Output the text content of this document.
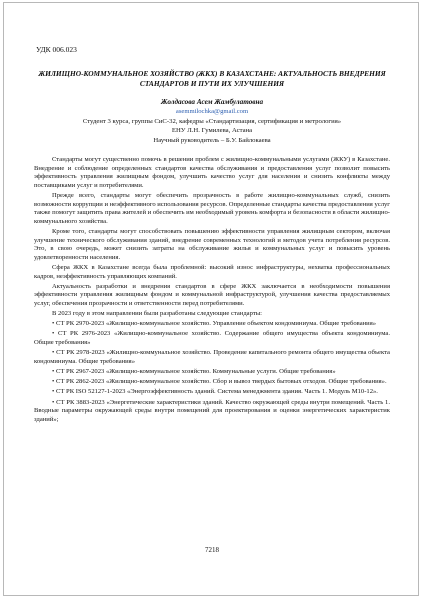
УДК 006.023
ЖИЛИЩНО-КОММУНАЛЬНОЕ ХОЗЯЙСТВО (ЖКХ) В КАЗАХСТАНЕ: АКТУАЛЬНОСТЬ ВНЕДРЕНИЯ СТАНДАРТОВ И ПУТИ ИХ УЛУЧШЕНИЯ
Жолдасова Асем Жамбулатовна
asemmilochka@gmail.com
Студент 3 курса, группы СиС-32, кафедры «Стандартизация, сертификация и метрология»
ЕНУ Л.Н. Гумилева, Астана
Научный руководитель – Б.У. Байлокаева

Стандарты могут существенно помочь в решении проблем с жилищно-коммунальными услугами (ЖКУ) в Казахстане. Внедрение и соблюдение определенных стандартов качества обслуживания и предоставления услуг позволит повысить эффективность управления жилищным фондом, улучшить качество услуг для населения и снизить конфликты между поставщиками услуг и потребителями.

Прежде всего, стандарты могут обеспечить прозрачность в работе жилищно-коммунальных служб, снизить возможности коррупции и неэффективного использования ресурсов. Определенные стандарты качества предоставления услуг также помогут защитить права жителей и обеспечить им необходимый уровень комфорта и безопасности в области жилищно-коммунального хозяйства.

Кроме того, стандарты могут способствовать повышению эффективности управления жилищным сектором, включая улучшение технического обслуживания зданий, внедрение современных технологий и методов учета потребления ресурсов. Это, в свою очередь, может снизить затраты на обслуживание жилья и коммунальных услуг и повысить уровень удовлетворенности населения.

Сфера ЖКХ в Казахстане всегда была проблемной: высокий износ инфраструктуры, нехватка профессиональных кадров, неэффективность управляющих компаний.

Актуальность разработки и внедрения стандартов в сфере ЖКХ заключается в необходимости повышения эффективности управления жилищным фондом и коммунальной инфраструктурой, улучшения качества предоставляемых услуг, обеспечения прозрачности и ответственности перед потребителями.

В 2023 году в этом направлении были разработаны следующие стандарты:

• СТ РК 2970-2023 «Жилищно-коммунальное хозяйство. Управление объектом кондоминиума. Общие требования»

• СТ РК 2976-2023 «Жилищно-коммунальное хозяйство. Содержание общего имущества объекта кондоминиума. Общие требования»

• СТ РК 2978-2023 «Жилищно-коммунальное хозяйство. Проведение капитального ремонта общего имущества объекта кондоминиума. Общие требования»

• СТ РК 2967-2023 «Жилищно-коммунальное хозяйство. Коммунальные услуги. Общие требования»

• СТ РК 2862-2023 «Жилищно-коммунальное хозяйство. Сбор и вывоз твердых бытовых отходов. Общие требования».

• СТ РК ISO 52127-1-2023 «Энергоэффективность зданий. Система менеджмента здания. Часть 1. Модуль М10-12».

• СТ РК 3883-2023 «Энергетические характеристики зданий. Качество окружающей среды внутри помещений. Часть 1. Вводные параметры окружающей среды внутри помещений для проектирования и оценки энергетических характеристик зданий»;

7218
